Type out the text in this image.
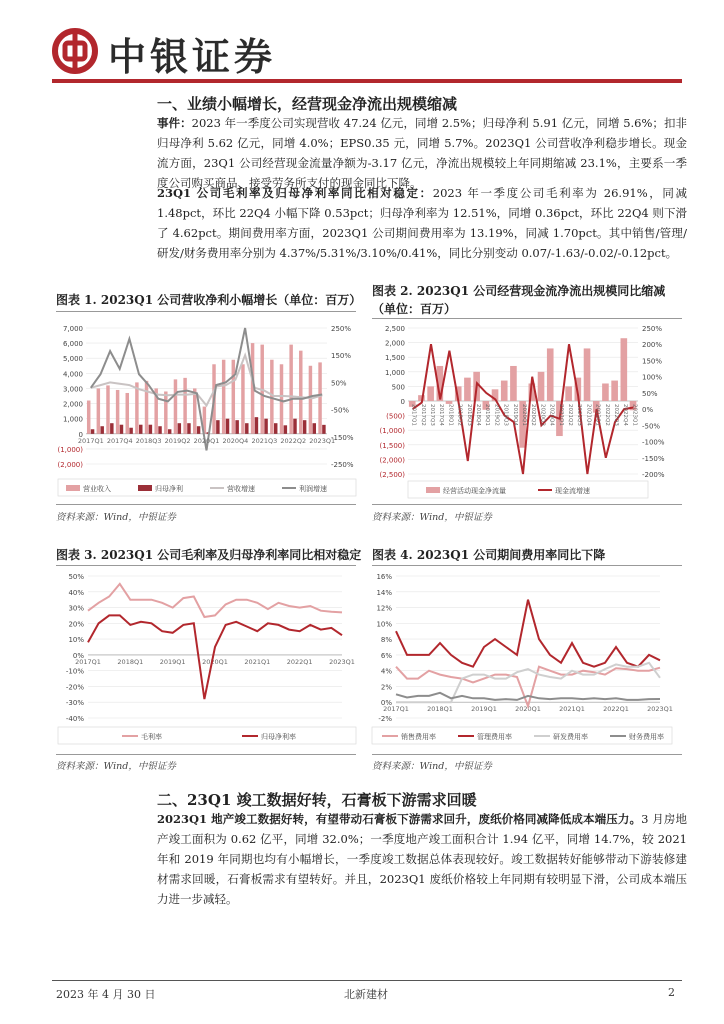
中银证券
一、业绩小幅增长，经营现金净流出规模缩减
事件：2023 年一季度公司实现营收 47.24 亿元，同增 2.5%；归母净利 5.91 亿元，同增 5.6%；扣非归母净利 5.62 亿元，同增 4.0%；EPS0.35 元，同增 5.7%。2023Q1 公司营收净利稳步增长。现金流方面，23Q1 公司经营现金流量净额为-3.17 亿元，净流出规模较上年同期缩减 23.1%，主要系一季度公司购买商品、接受劳务所支付的现金同比下降。
23Q1 公司毛利率及归母净利率同比相对稳定：2023 年一季度公司毛利率为 26.91%，同减 1.48pct，环比 22Q4 小幅下降 0.53pct；归母净利率为 12.51%，同增 0.36pct，环比 22Q4 则下滑了 4.62pct。期间费用率方面，2023Q1 公司期间费用率为 13.19%，同减 1.70pct。其中销售/管理/研发/财务费用率分别为 4.37%/5.31%/3.10%/0.41%，同比分别变动 0.07/-1.63/-0.02/-0.12pct。
图表 1. 2023Q1 公司营收净利小幅增长（单位：百万）
7,000
6,000
5,000
4,000
3,000
2,000
1,000
0
(1,000)
(2,000)
250%
150%
50%
-50%
-150%
-250%
2017Q1 2017Q4 2018Q3 2019Q2 2020Q1 2020Q4 2021Q3 2022Q2 2023Q1
营业收入	归母净利	营收增速	利润增速
资料来源：Wind，中银证券
图表 2. 2023Q1 公司经营现金流净流出规模同比缩减
（单位：百万）
2,500
2,000
1,500
1,000
500
0
(500)
(1,000)
(1,500)
(2,000)
(2,500)
250%
200%
150%
100%
50%
0%
-50%
-100%
-150%
-200%
2017Q1 2017Q2 2017Q3 2017Q4 2018Q1 2018Q2 2018Q3 2018Q4 2019Q1 2019Q2 2019Q3 2019Q4 2020Q1 2020Q2 2020Q3 2020Q4 2021Q1 2021Q2 2021Q3 2021Q4 2022Q1 2022Q2 2022Q3 2022Q4 2023Q1
经营活动现金净流量	现金流增速
资料来源：Wind，中银证券
图表 3. 2023Q1 公司毛利率及归母净利率同比相对稳定
50%
40%
30%
20%
10%
0%
-10%
-20%
-30%
-40%
2017Q1	2018Q1	2019Q1	2020Q1	2021Q1	2022Q1	2023Q1
毛利率	归母净利率
资料来源：Wind，中银证券
图表 4. 2023Q1 公司期间费用率同比下降
16%
14%
12%
10%
8%
6%
4%
2%
0%
-2%
2017Q1	2018Q1	2019Q1	2020Q1	2021Q1	2022Q1	2023Q1
销售费用率	管理费用率	研发费用率	财务费用率
资料来源：Wind，中银证券
二、23Q1 竣工数据好转，石膏板下游需求回暖
2023Q1 地产竣工数据好转，有望带动石膏板下游需求回升，废纸价格同减降低成本端压力。3 月房地产竣工面积为 0.62 亿平，同增 32.0%；一季度地产竣工面积合计 1.94 亿平，同增 14.7%，较 2021 年和 2019 年同期也均有小幅增长，一季度竣工数据总体表现较好。竣工数据转好能够带动下游装修建材需求回暖，石膏板需求有望转好。并且，2023Q1 废纸价格较上年同期有较明显下滑，公司成本端压力进一步减轻。
2023 年 4 月 30 日	北新建材	2
